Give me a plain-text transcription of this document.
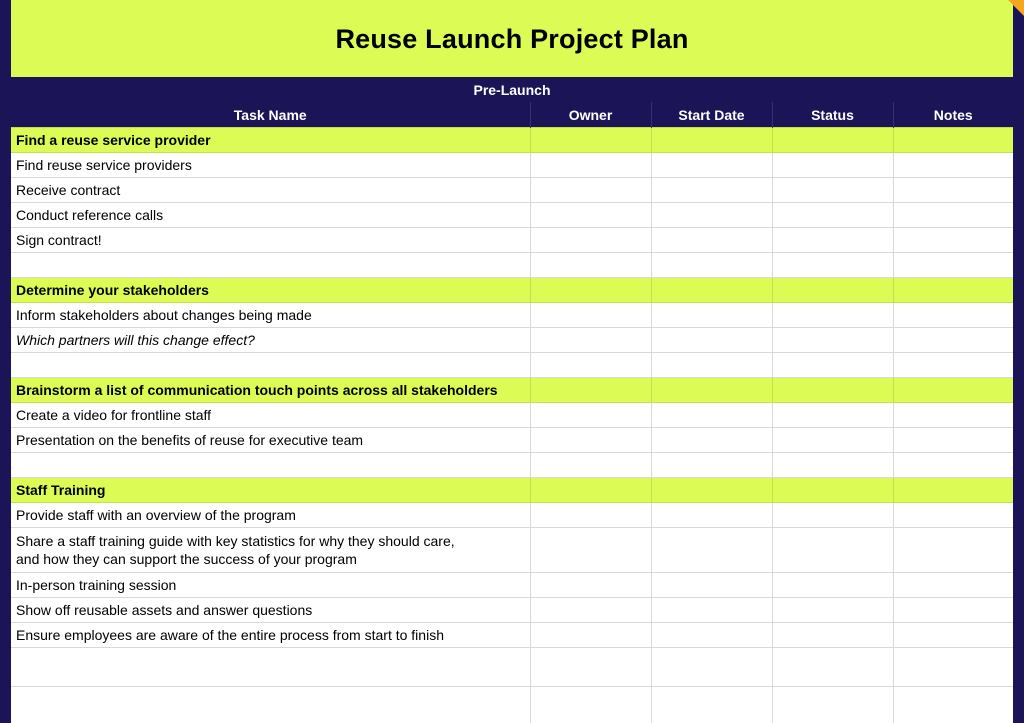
Reuse Launch Project Plan
Pre-Launch
Task Name	Owner	Start Date	Status	Notes
Find a reuse service provider				
Find reuse service providers				
Receive contract				
Conduct reference calls				
Sign contract!				

Determine your stakeholders				
Inform stakeholders about changes being made				
Which partners will this change effect?				

Brainstorm a list of communication touch points across all stakeholders				
Create a video for frontline staff				
Presentation on the benefits of reuse for executive team				

Staff Training				
Provide staff with an overview of the program				
Share a staff training guide with key statistics for why they should care,
and how they can support the success of your program				
In-person training session				
Show off reusable assets and answer questions				
Ensure employees are aware of the entire process from start to finish				
